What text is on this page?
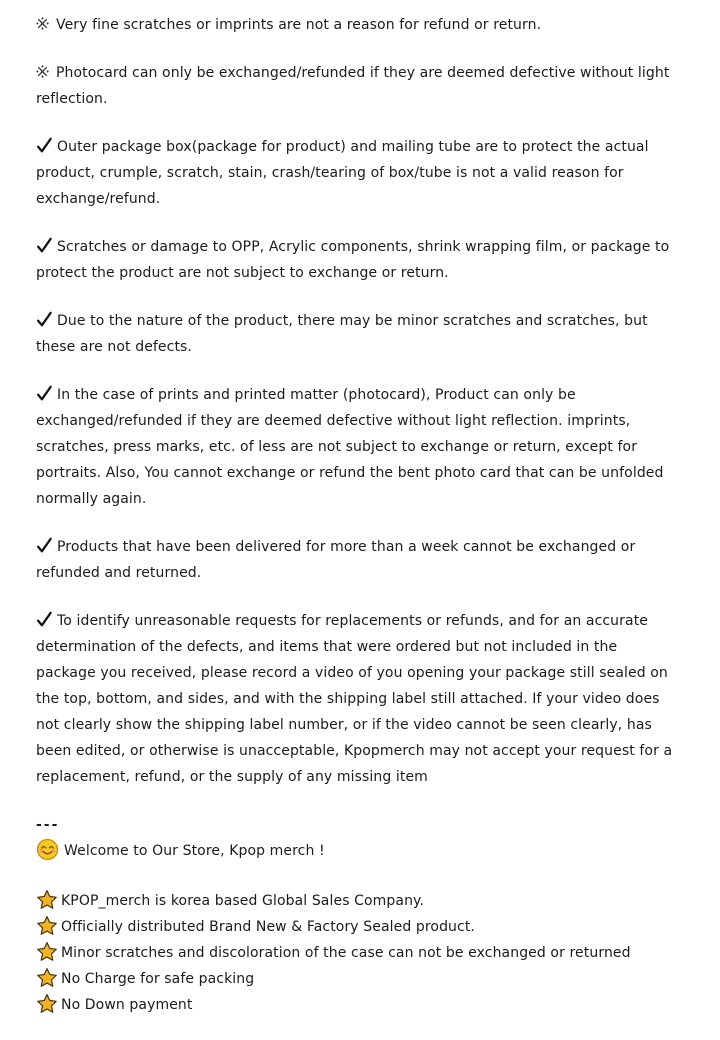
Very fine scratches or imprints are not a reason for refund or return.

Photocard can only be exchanged/refunded if they are deemed defective without light reflection.

Outer package box(package for product) and mailing tube are to protect the actual product, crumple, scratch, stain, crash/tearing of box/tube is not a valid reason for exchange/refund.

Scratches or damage to OPP, Acrylic components, shrink wrapping film, or package to protect the product are not subject to exchange or return.

Due to the nature of the product, there may be minor scratches and scratches, but these are not defects.

In the case of prints and printed matter (photocard), Product can only be exchanged/refunded if they are deemed defective without light reflection. imprints, scratches, press marks, etc. of less are not subject to exchange or return, except for portraits. Also, You cannot exchange or refund the bent photo card that can be unfolded normally again.

Products that have been delivered for more than a week cannot be exchanged or refunded and returned.

To identify unreasonable requests for replacements or refunds, and for an accurate determination of the defects, and items that were ordered but not included in the package you received, please record a video of you opening your package still sealed on the top, bottom, and sides, and with the shipping label still attached. If your video does not clearly show the shipping label number, or if the video cannot be seen clearly, has been edited, or otherwise is unacceptable, Kpopmerch may not accept your request for a replacement, refund, or the supply of any missing item

---

Welcome to Our Store, Kpop merch !

KPOP_merch is korea based Global Sales Company.

Officially distributed Brand New & Factory Sealed product.

Minor scratches and discoloration of the case can not be exchanged or returned

No Charge for safe packing

No Down payment
